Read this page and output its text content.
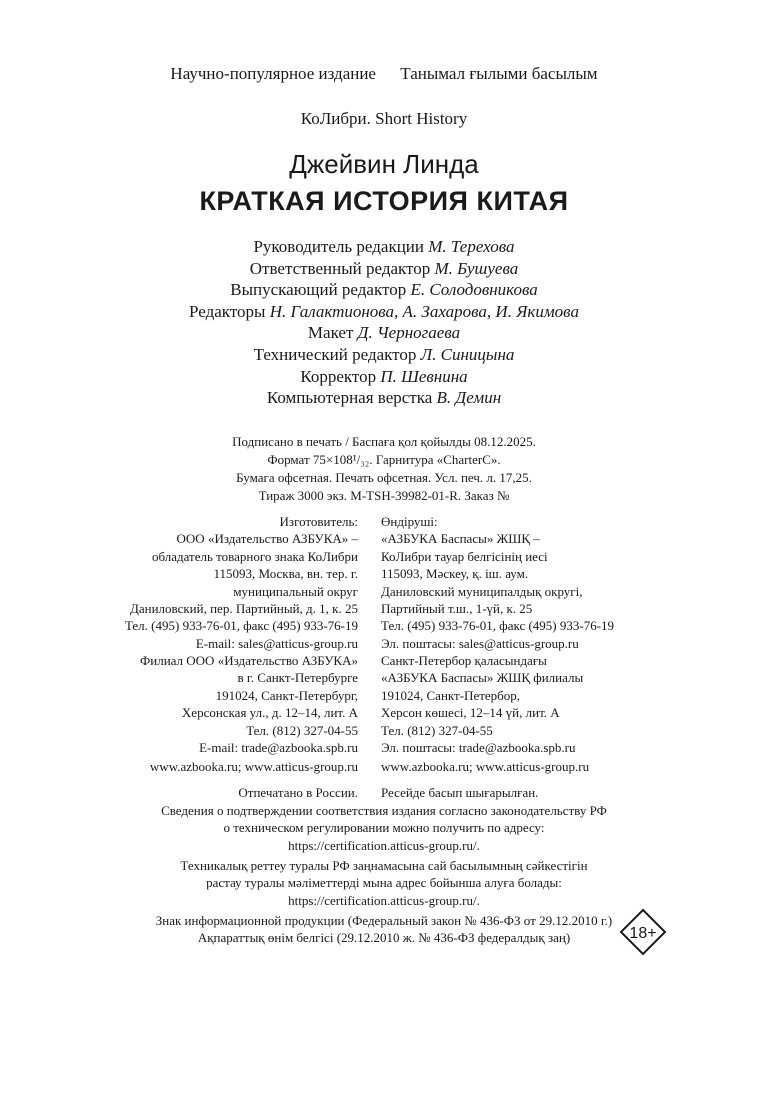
Научно-популярное издание Танымал ғылыми басылым
КоЛибри. Short History
Джейвин Линда
КРАТКАЯ ИСТОРИЯ КИТАЯ
Руководитель редакции М. Терехова
Ответственный редактор М. Бушуева
Выпускающий редактор Е. Солодовникова
Редакторы Н. Галактионова, А. Захарова, И. Якимова
Макет Д. Черногаева
Технический редактор Л. Синицына
Корректор П. Шевнина
Компьютерная верстка В. Демин
Подписано в печать / Баспаға қол қойылды 08.12.2025.
Формат 75×108¹/₃₂. Гарнитура «CharterC».
Бумага офсетная. Печать офсетная. Усл. печ. л. 17,25.
Тираж 3000 экз. M-TSH-39982-01-R. Заказ №
Изготовитель:
ООО «Издательство АЗБУКА» –
обладатель товарного знака КоЛибри
115093, Москва, вн. тер. г.
муниципальный округ
Даниловский, пер. Партийный, д. 1, к. 25
Тел. (495) 933-76-01, факс (495) 933-76-19
E-mail: sales@atticus-group.ru
Өндіруші:
«АЗБУКА Баспасы» ЖШҚ –
КоЛибри тауар белгісінің иесі
115093, Мәскеу, қ. іш. аум.
Даниловский муниципалдық округі,
Партийный т.ш., 1-үй, к. 25
Тел. (495) 933-76-01, факс (495) 933-76-19
Эл. поштасы: sales@atticus-group.ru
Филиал ООО «Издательство АЗБУКА»
в г. Санкт-Петербурге
191024, Санкт-Петербург,
Херсонская ул., д. 12–14, лит. А
Тел. (812) 327-04-55
E-mail: trade@azbooka.spb.ru
Санкт-Петербор қаласындағы
«АЗБУКА Баспасы» ЖШҚ филиалы
191024, Санкт-Петербор,
Херсон көшесі, 12–14 үй, лит. А
Тел. (812) 327-04-55
Эл. поштасы: trade@azbooka.spb.ru
www.azbooka.ru; www.atticus-group.ru www.azbooka.ru; www.atticus-group.ru
Отпечатано в России. Ресейде басып шығарылған.
Сведения о подтверждении соответствия издания согласно законодательству РФ
о техническом регулировании можно получить по адресу:
https://certification.atticus-group.ru/.
Техникалық реттеу туралы РФ заңнамасына сай басылымның сәйкестігін
растау туралы мәліметтерді мына адрес бойынша алуға болады:
https://certification.atticus-group.ru/.
Знак информационной продукции (Федеральный закон № 436-ФЗ от 29.12.2010 г.)
Ақпараттық өнім белгісі (29.12.2010 ж. № 436-ФЗ федералдық заң)	18+
